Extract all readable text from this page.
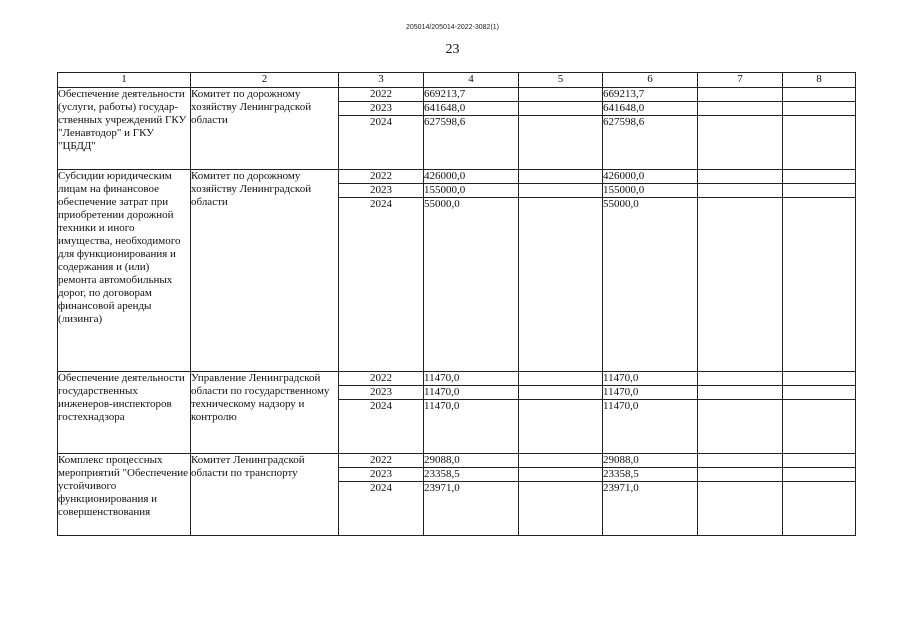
205014/205014-2022-3082(1)
23
1	2	3	4	5	6	7	8
Обеспечение деятельности (услуги, работы) государ-ственных учреждений ГКУ "Ленавтодор" и ГКУ "ЦБДД"	Комитет по дорожному хозяйству Ленинградской области	2022	669213,7		669213,7		
		2023	641648,0		641648,0		
		2024	627598,6		627598,6		
Субсидии юридическим лицам на финансовое обеспечение затрат при приобретении дорожной техники и иного имущества, необходимого для функционирования и содержания и (или) ремонта автомобильных дорог, по договорам финансовой аренды (лизинга)	Комитет по дорожному хозяйству Ленинградской области	2022	426000,0		426000,0		
		2023	155000,0		155000,0		
		2024	55000,0		55000,0		
Обеспечение деятельности государственных инженеров-инспекторов гостехнадзора	Управление Ленинградской области по государственному техническому надзору и контролю	2022	11470,0		11470,0		
		2023	11470,0		11470,0		
		2024	11470,0		11470,0		
Комплекс процессных мероприятий "Обеспечение устойчивого функционирования и совершенствования	Комитет Ленинградской области по транспорту	2022	29088,0		29088,0		
		2023	23358,5		23358,5		
		2024	23971,0		23971,0		
